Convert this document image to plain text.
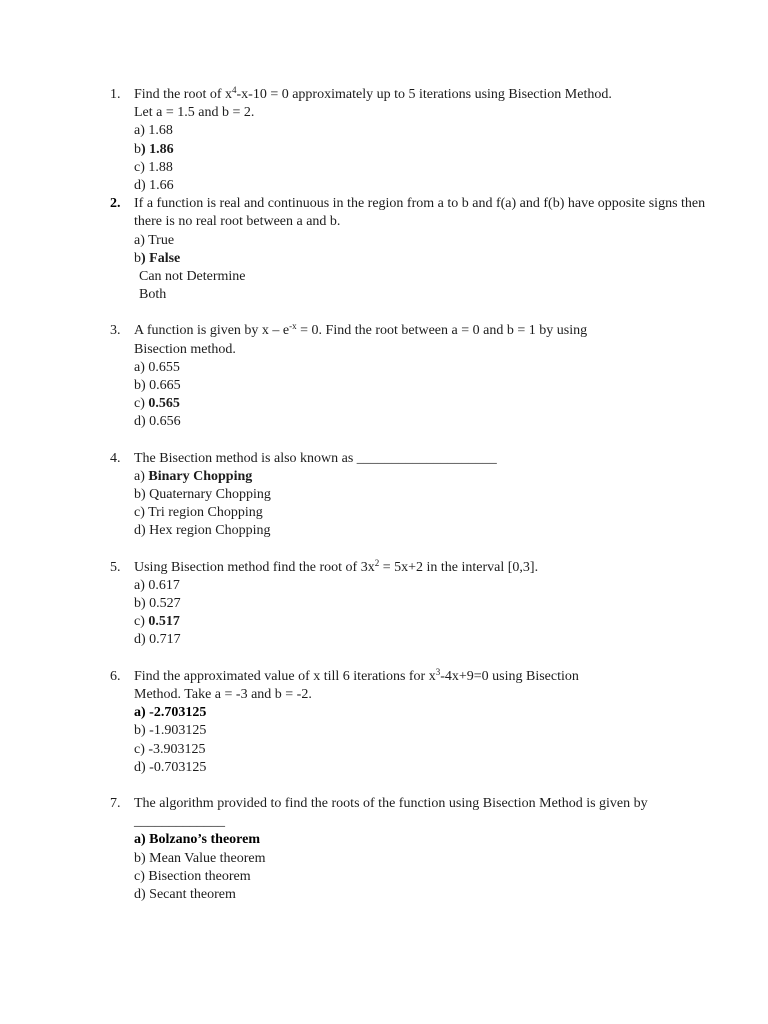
1. Find the root of $x^4-x-10 = 0$ approximately up to 5 iterations using Bisection Method.
Let a = 1.5 and b = 2.
a) 1.68
b) 1.86
c) 1.88
d) 1.66
2. If a function is real and continuous in the region from a to b and f(a) and f(b) have opposite signs then there is no real root between a and b.
a) True
b) False
Can not Determine
Both
3. A function is given by $x - e^{-x} = 0$. Find the root between a = 0 and b = 1 by using
Bisection method.
a) 0.655
b) 0.665
c) 0.565
d) 0.656
4. The Bisection method is also known as ____________________
a) Binary Chopping
b) Quaternary Chopping
c) Tri region Chopping
d) Hex region Chopping
5. Using Bisection method find the root of $3x^2 = 5x+2$ in the interval [0,3].
a) 0.617
b) 0.527
c) 0.517
d) 0.717
6. Find the approximated value of x till 6 iterations for $x^3-4x+9=0$ using Bisection
Method. Take a = -3 and b = -2.
a) -2.703125
b) -1.903125
c) -3.903125
d) -0.703125
7. The algorithm provided to find the roots of the function using Bisection Method is given by _____________
a) Bolzano’s theorem
b) Mean Value theorem
c) Bisection theorem
d) Secant theorem
